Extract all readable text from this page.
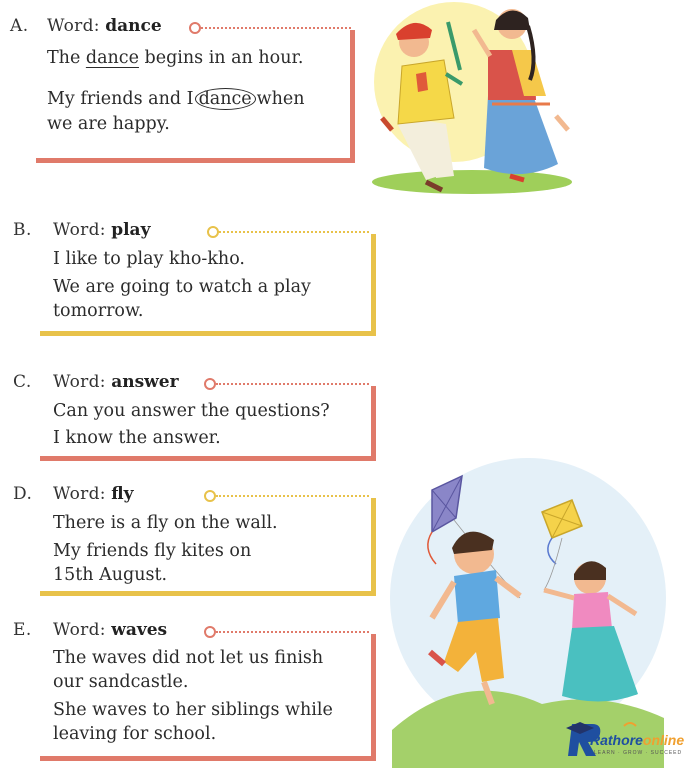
A. Word: dance
The dance begins in an hour.
My friends and I dance when
we are happy.
B. Word: play
I like to play kho-kho.
We are going to watch a play
tomorrow.
C. Word: answer
Can you answer the questions?
I know the answer.
D. Word: fly
There is a fly on the wall.
My friends fly kites on
15th August.
E. Word: waves
The waves did not let us finish
our sandcastle.
She waves to her siblings while
leaving for school.	Rathoreonline
LEARN · GROW · SUCCEED
